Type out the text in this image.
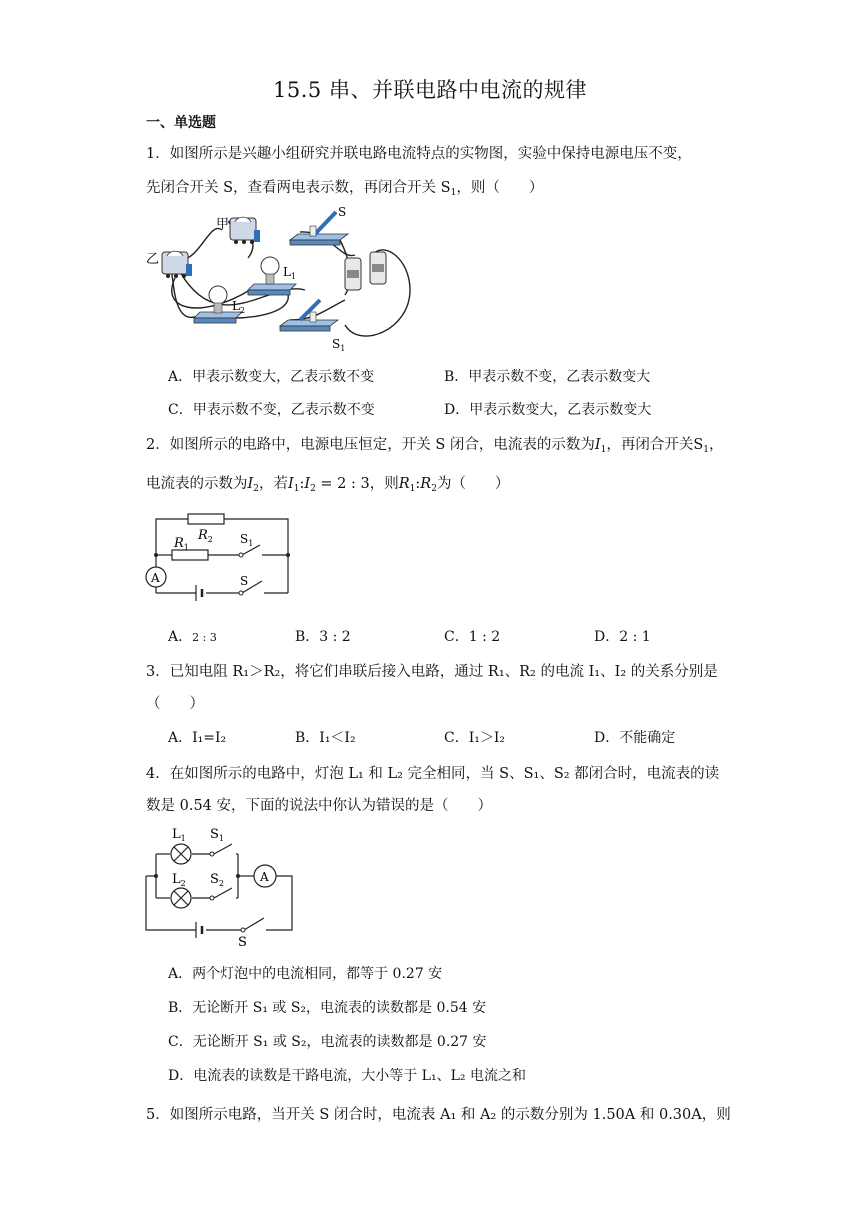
15.5 串、并联电路中电流的规律
一、单选题
1．如图所示是兴趣小组研究并联电路电流特点的实物图，实验中保持电源电压不变，
先闭合开关 S，查看两电表示数，再闭合开关 $S_1$，则（　　）
甲
乙
S
$L_1$
$L_2$
$S_1$
A．甲表示数变大，乙表示数不变	B．甲表示数不变，乙表示数变大
C．甲表示数不变，乙表示数不变	D．甲表示数变大，乙表示数变大
2．如图所示的电路中，电源电压恒定，开关 S 闭合，电流表的示数为$I_1$，再闭合开关$S_1$，
电流表的示数为$I_2$，若$I_1:I_2 = 2$ : 3，则$R_1:R_2$为（　　）
A
$R_2$
$R_1$
$S_1$
S
A．2 : 3	B．3 : 2	C．1 : 2	D．2 : 1
3．已知电阻 R₁＞R₂，将它们串联后接入电路，通过 R₁、R₂ 的电流 I₁、I₂ 的关系分别是
（　　）
A．I₁=I₂	B．I₁＜I₂	C．I₁＞I₂	D．不能确定
4．在如图所示的电路中，灯泡 L₁ 和 L₂ 完全相同，当 S、S₁、S₂ 都闭合时，电流表的读
数是 0.54 安，下面的说法中你认为错误的是（　　）
A
$L_1$ $S_1$
$L_2$ $S_2$
S
A．两个灯泡中的电流相同，都等于 0.27 安
B．无论断开 S₁ 或 S₂，电流表的读数都是 0.54 安
C．无论断开 S₁ 或 S₂，电流表的读数都是 0.27 安
D．电流表的读数是干路电流，大小等于 L₁、L₂ 电流之和
5．如图所示电路，当开关 S 闭合时，电流表 A₁ 和 A₂ 的示数分别为 1.50A 和 0.30A，则
